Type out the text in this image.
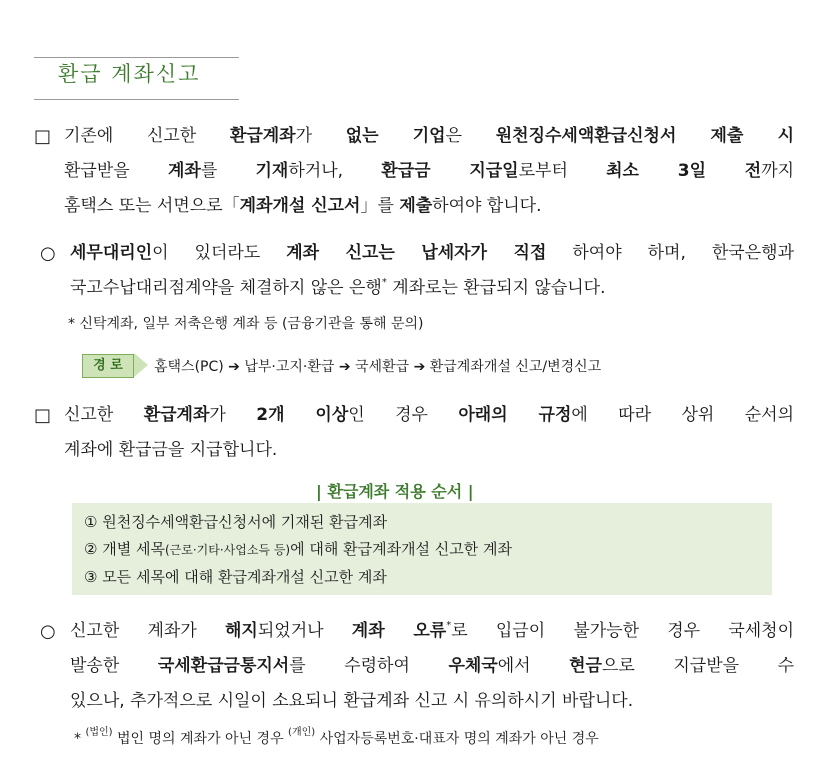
환급 계좌신고
□ 기존에 신고한 환급계좌가 없는 기업은 원천징수세액환급신청서 제출 시
환급받을 계좌를 기재하거나, 환급금 지급일로부터 최소 3일 전까지
홈택스 또는 서면으로「계좌개설 신고서」를 제출하여야 합니다.
○ 세무대리인이 있더라도 계좌 신고는 납세자가 직접 하여야 하며, 한국은행과
국고수납대리점계약을 체결하지 않은 은행* 계좌로는 환급되지 않습니다.
* 신탁계좌, 일부 저축은행 계좌 등 (금융기관을 통해 문의)
경 로	홈택스(PC) ➔ 납부·고지·환급 ➔ 국세환급 ➔ 환급계좌개설 신고/변경신고
□ 신고한 환급계좌가 2개 이상인 경우 아래의 규정에 따라 상위 순서의
계좌에 환급금을 지급합니다.
| 환급계좌 적용 순서 |
① 원천징수세액환급신청서에 기재된 환급계좌
② 개별 세목(근로·기타·사업소득 등)에 대해 환급계좌개설 신고한 계좌
③ 모든 세목에 대해 환급계좌개설 신고한 계좌
○ 신고한 계좌가 해지되었거나 계좌 오류*로 입금이 불가능한 경우 국세청이
발송한 국세환급금통지서를 수령하여 우체국에서 현금으로 지급받을 수
있으나, 추가적으로 시일이 소요되니 환급계좌 신고 시 유의하시기 바랍니다.
* $^{(법인)}$ 법인 명의 계좌가 아닌 경우 $^{(개인)}$ 사업자등록번호·대표자 명의 계좌가 아닌 경우
